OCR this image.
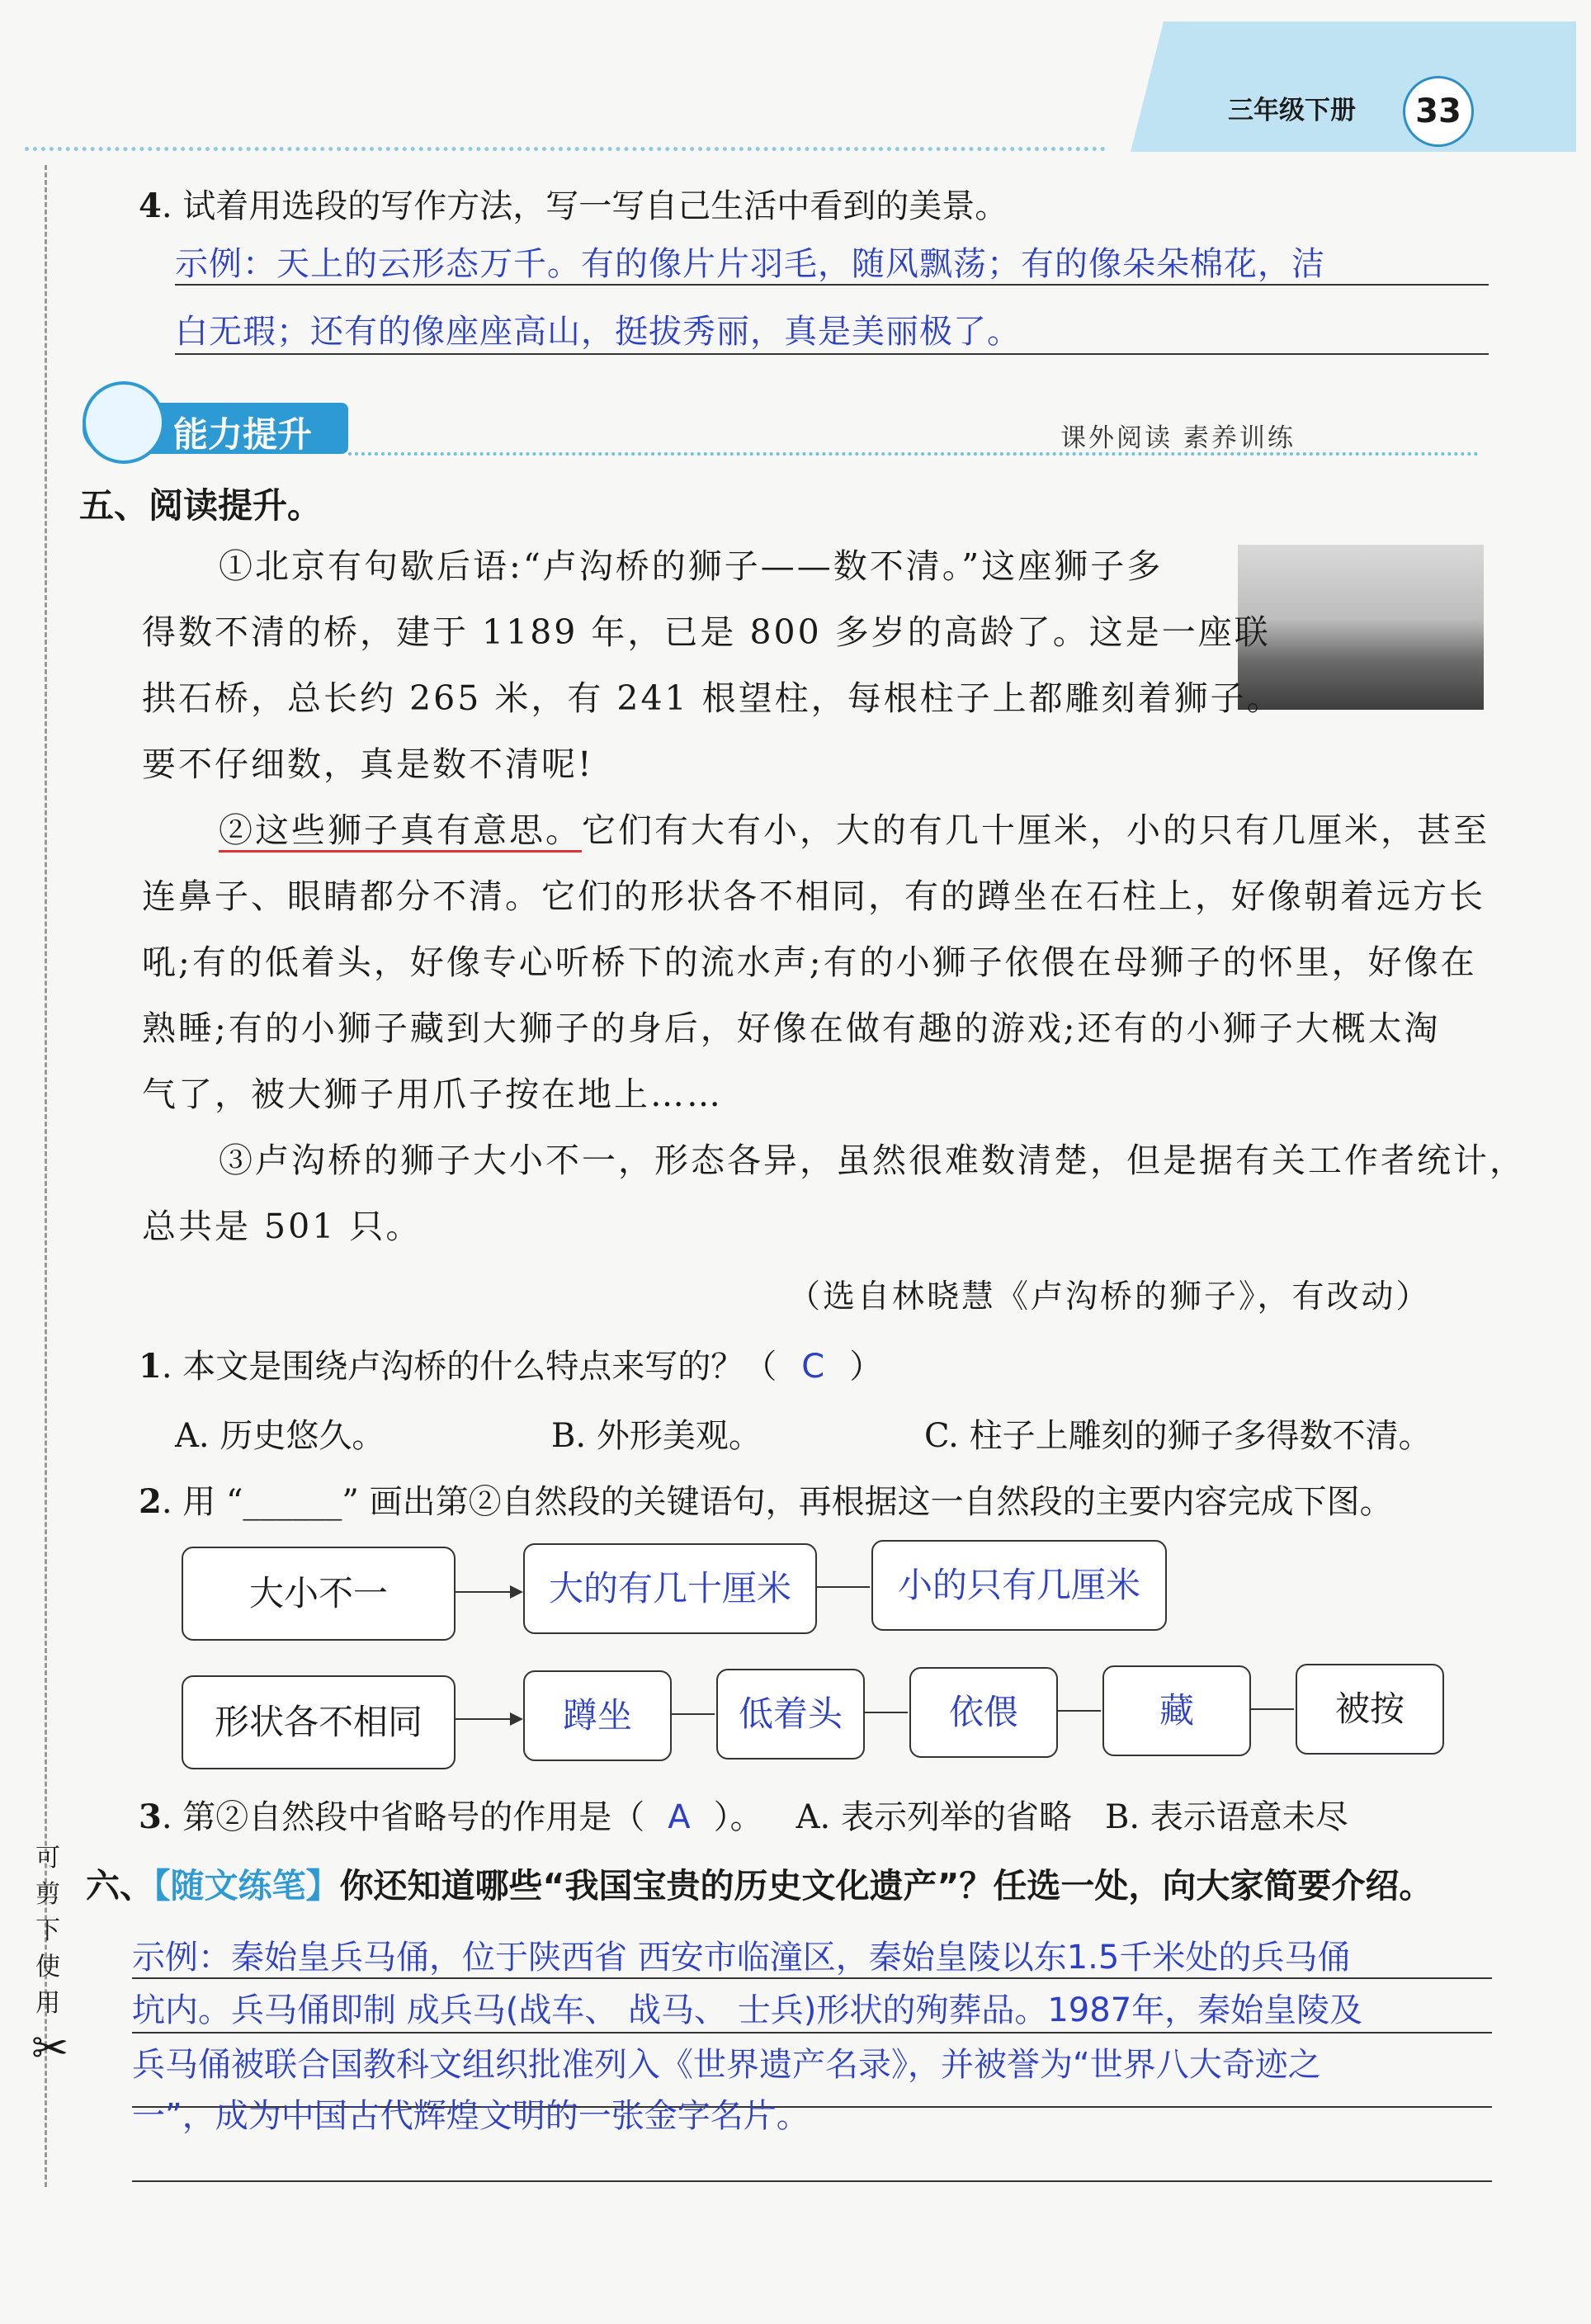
三年级下册	33
可
剪
下
使
用
✂
4. 试着用选段的写作方法，写一写自己生活中看到的美景。
示例：天上的云形态万千。有的像片片羽毛，随风飘荡；有的像朵朵棉花，洁
白无瑕；还有的像座座高山，挺拔秀丽，真是美丽极了。
能力提升	课外阅读 素养训练
五、阅读提升。
①北京有句歇后语:“卢沟桥的狮子——数不清。”这座狮子多
得数不清的桥，建于 1189 年，已是 800 多岁的高龄了。这是一座联
拱石桥，总长约 265 米，有 241 根望柱，每根柱子上都雕刻着狮子。
要不仔细数，真是数不清呢!
②这些狮子真有意思。它们有大有小，大的有几十厘米，小的只有几厘米，甚至
连鼻子、眼睛都分不清。它们的形状各不相同，有的蹲坐在石柱上，好像朝着远方长
吼;有的低着头，好像专心听桥下的流水声;有的小狮子依偎在母狮子的怀里，好像在
熟睡;有的小狮子藏到大狮子的身后，好像在做有趣的游戏;还有的小狮子大概太淘
气了，被大狮子用爪子按在地上……
③卢沟桥的狮子大小不一，形态各异，虽然很难数清楚，但是据有关工作者统计，
总共是 501 只。
（选自林晓慧《卢沟桥的狮子》，有改动）
1. 本文是围绕卢沟桥的什么特点来写的？（ C ）
A. 历史悠久。	B. 外形美观。	C. 柱子上雕刻的狮子多得数不清。
2. 用 “______” 画出第②自然段的关键语句，再根据这一自然段的主要内容完成下图。
大小不一	大的有几十厘米	小的只有几厘米
形状各不相同	蹲坐	低着头	依偎	藏	被按
3. 第②自然段中省略号的作用是（ A ）。 A. 表示列举的省略 B. 表示语意未尽
六、【随文练笔】你还知道哪些“我国宝贵的历史文化遗产”？任选一处，向大家简要介绍。
示例：秦始皇兵马俑，位于陕西省 西安市临潼区，秦始皇陵以东1.5千米处的兵马俑
坑内。兵马俑即制 成兵马(战车、 战马、 士兵)形状的殉葬品。1987年，秦始皇陵及
兵马俑被联合国教科文组织批准列入《世界遗产名录》，并被誉为“世界八大奇迹之
一”，成为中国古代辉煌文明的一张金字名片。
